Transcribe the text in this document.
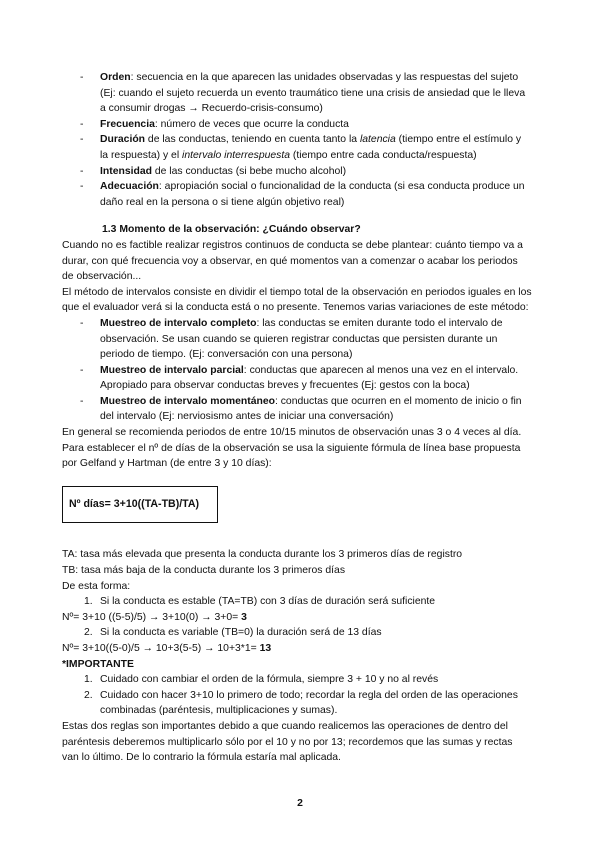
- Orden: secuencia en la que aparecen las unidades observadas y las respuestas del sujeto (Ej: cuando el sujeto recuerda un evento traumático tiene una crisis de ansiedad que le lleva a consumir drogas → Recuerdo-crisis-consumo)
- Frecuencia: número de veces que ocurre la conducta
- Duración de las conductas, teniendo en cuenta tanto la latencia (tiempo entre el estímulo y la respuesta) y el intervalo interrespuesta (tiempo entre cada conducta/respuesta)
- Intensidad de las conductas (si bebe mucho alcohol)
- Adecuación: apropiación social o funcionalidad de la conducta (si esa conducta produce un daño real en la persona o si tiene algún objetivo real)

1.3 Momento de la observación: ¿Cuándo observar?

Cuando no es factible realizar registros continuos de conducta se debe plantear: cuánto tiempo va a durar, con qué frecuencia voy a observar, en qué momentos van a comenzar o acabar los periodos de observación...

El método de intervalos consiste en dividir el tiempo total de la observación en periodos iguales en los que el evaluador verá si la conducta está o no presente. Tenemos varias variaciones de este método:

- Muestreo de intervalo completo: las conductas se emiten durante todo el intervalo de observación. Se usan cuando se quieren registrar conductas que persisten durante un periodo de tiempo. (Ej: conversación con una persona)
- Muestreo de intervalo parcial: conductas que aparecen al menos una vez en el intervalo. Apropiado para observar conductas breves y frecuentes (Ej: gestos con la boca)
- Muestreo de intervalo momentáneo: conductas que ocurren en el momento de inicio o fin del intervalo (Ej: nerviosismo antes de iniciar una conversación)

En general se recomienda periodos de entre 10/15 minutos de observación unas 3 o 4 veces al día.

Para establecer el nº de días de la observación se usa la siguiente fórmula de línea base propuesta por Gelfand y Hartman (de entre 3 y 10 días):

Nº días= 3+10((TA-TB)/TA)

TA: tasa más elevada que presenta la conducta durante los 3 primeros días de registro

TB: tasa más baja de la conducta durante los 3 primeros días

De esta forma:

1. Si la conducta es estable (TA=TB) con 3 días de duración será suficiente

Nº= 3+10 ((5-5)/5) → 3+10(0) → 3+0= 3

2. Si la conducta es variable (TB=0) la duración será de 13 días

Nº= 3+10((5-0)/5 → 10+3(5-5) → 10+3*1= 13

*IMPORTANTE

1. Cuidado con cambiar el orden de la fórmula, siempre 3 + 10 y no al revés
2. Cuidado con hacer 3+10 lo primero de todo; recordar la regla del orden de las operaciones combinadas (paréntesis, multiplicaciones y sumas).

Estas dos reglas son importantes debido a que cuando realicemos las operaciones de dentro del paréntesis deberemos multiplicarlo sólo por el 10 y no por 13; recordemos que las sumas y rectas van lo último. De lo contrario la fórmula estaría mal aplicada.

2
